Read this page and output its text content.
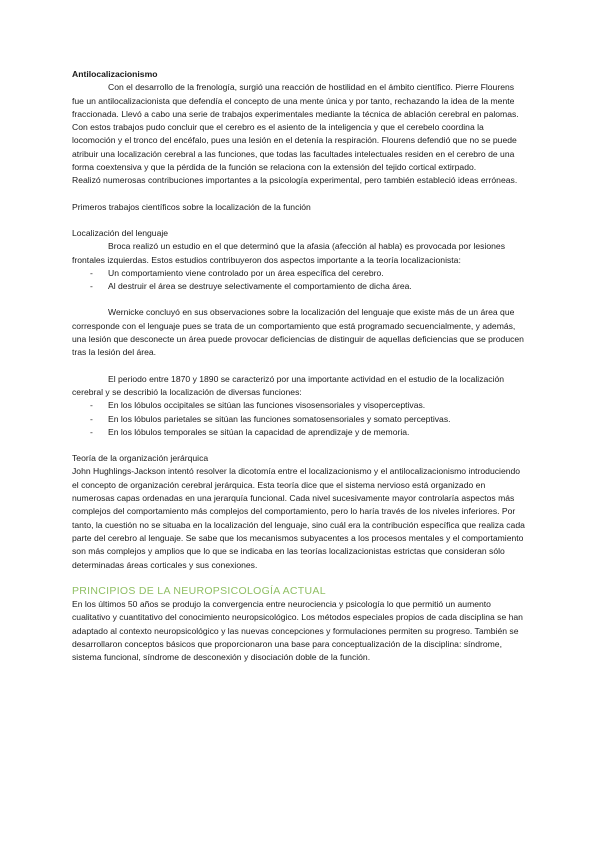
Antilocalizacionismo

Con el desarrollo de la frenología, surgió una reacción de hostilidad en el ámbito científico. Pierre Flourens fue un antilocalizacionista que defendía el concepto de una mente única y por tanto, rechazando la idea de la mente fraccionada. Llevó a cabo una serie de trabajos experimentales mediante la técnica de ablación cerebral en palomas. Con estos trabajos pudo concluir que el cerebro es el asiento de la inteligencia y que el cerebelo coordina la locomoción y el tronco del encéfalo, pues una lesión en el detenía la respiración. Flourens defendió que no se puede atribuir una localización cerebral a las funciones, que todas las facultades intelectuales residen en el cerebro de una forma coextensiva y que la pérdida de la función se relaciona con la extensión del tejido cortical extirpado.

Realizó numerosas contribuciones importantes a la psicología experimental, pero también estableció ideas erróneas.

Primeros trabajos científicos sobre la localización de la función

Localización del lenguaje

Broca realizó un estudio en el que determinó que la afasia (afección al habla) es provocada por lesiones frontales izquierdas. Estos estudios contribuyeron dos aspectos importante a la teoría localizacionista:

- Un comportamiento viene controlado por un área específica del cerebro.
- Al destruir el área se destruye selectivamente el comportamiento de dicha área.

Wernicke concluyó en sus observaciones sobre la localización del lenguaje que existe más de un área que corresponde con el lenguaje pues se trata de un comportamiento que está programado secuencialmente, y además, una lesión que desconecte un área puede provocar deficiencias de distinguir de aquellas deficiencias que se producen tras la lesión del área.

El periodo entre 1870 y 1890 se caracterizó por una importante actividad en el estudio de la localización cerebral y se describió la localización de diversas funciones:

- En los lóbulos occipitales se sitúan las funciones visosensoriales y visoperceptivas.
- En los lóbulos parietales se sitúan las funciones somatosensoriales y somato perceptivas.
- En los lóbulos temporales se sitúan la capacidad de aprendizaje y de memoria.

Teoría de la organización jerárquica

John Hughlings-Jackson intentó resolver la dicotomía entre el localizacionismo y el antilocalizacionismo introduciendo el concepto de organización cerebral jerárquica. Esta teoría dice que el sistema nervioso está organizado en numerosas capas ordenadas en una jerarquía funcional. Cada nivel sucesivamente mayor controlaría aspectos más complejos del comportamiento más complejos del comportamiento, pero lo haría través de los niveles inferiores. Por tanto, la cuestión no se situaba en la localización del lenguaje, sino cuál era la contribución específica que realiza cada parte del cerebro al lenguaje. Se sabe que los mecanismos subyacentes a los procesos mentales y el comportamiento son más complejos y amplios que lo que se indicaba en las teorías localizacionistas estrictas que consideran sólo determinadas áreas corticales y sus conexiones.

PRINCIPIOS DE LA NEUROPSICOLOGÍA ACTUAL

En los últimos 50 años se produjo la convergencia entre neurociencia y psicología lo que permitió un aumento cualitativo y cuantitativo del conocimiento neuropsicológico. Los métodos especiales propios de cada disciplina se han adaptado al contexto neuropsicológico y las nuevas concepciones y formulaciones permiten su progreso. También se desarrollaron conceptos básicos que proporcionaron una base para conceptualización de la disciplina: síndrome, sistema funcional, síndrome de desconexión y disociación doble de la función.
